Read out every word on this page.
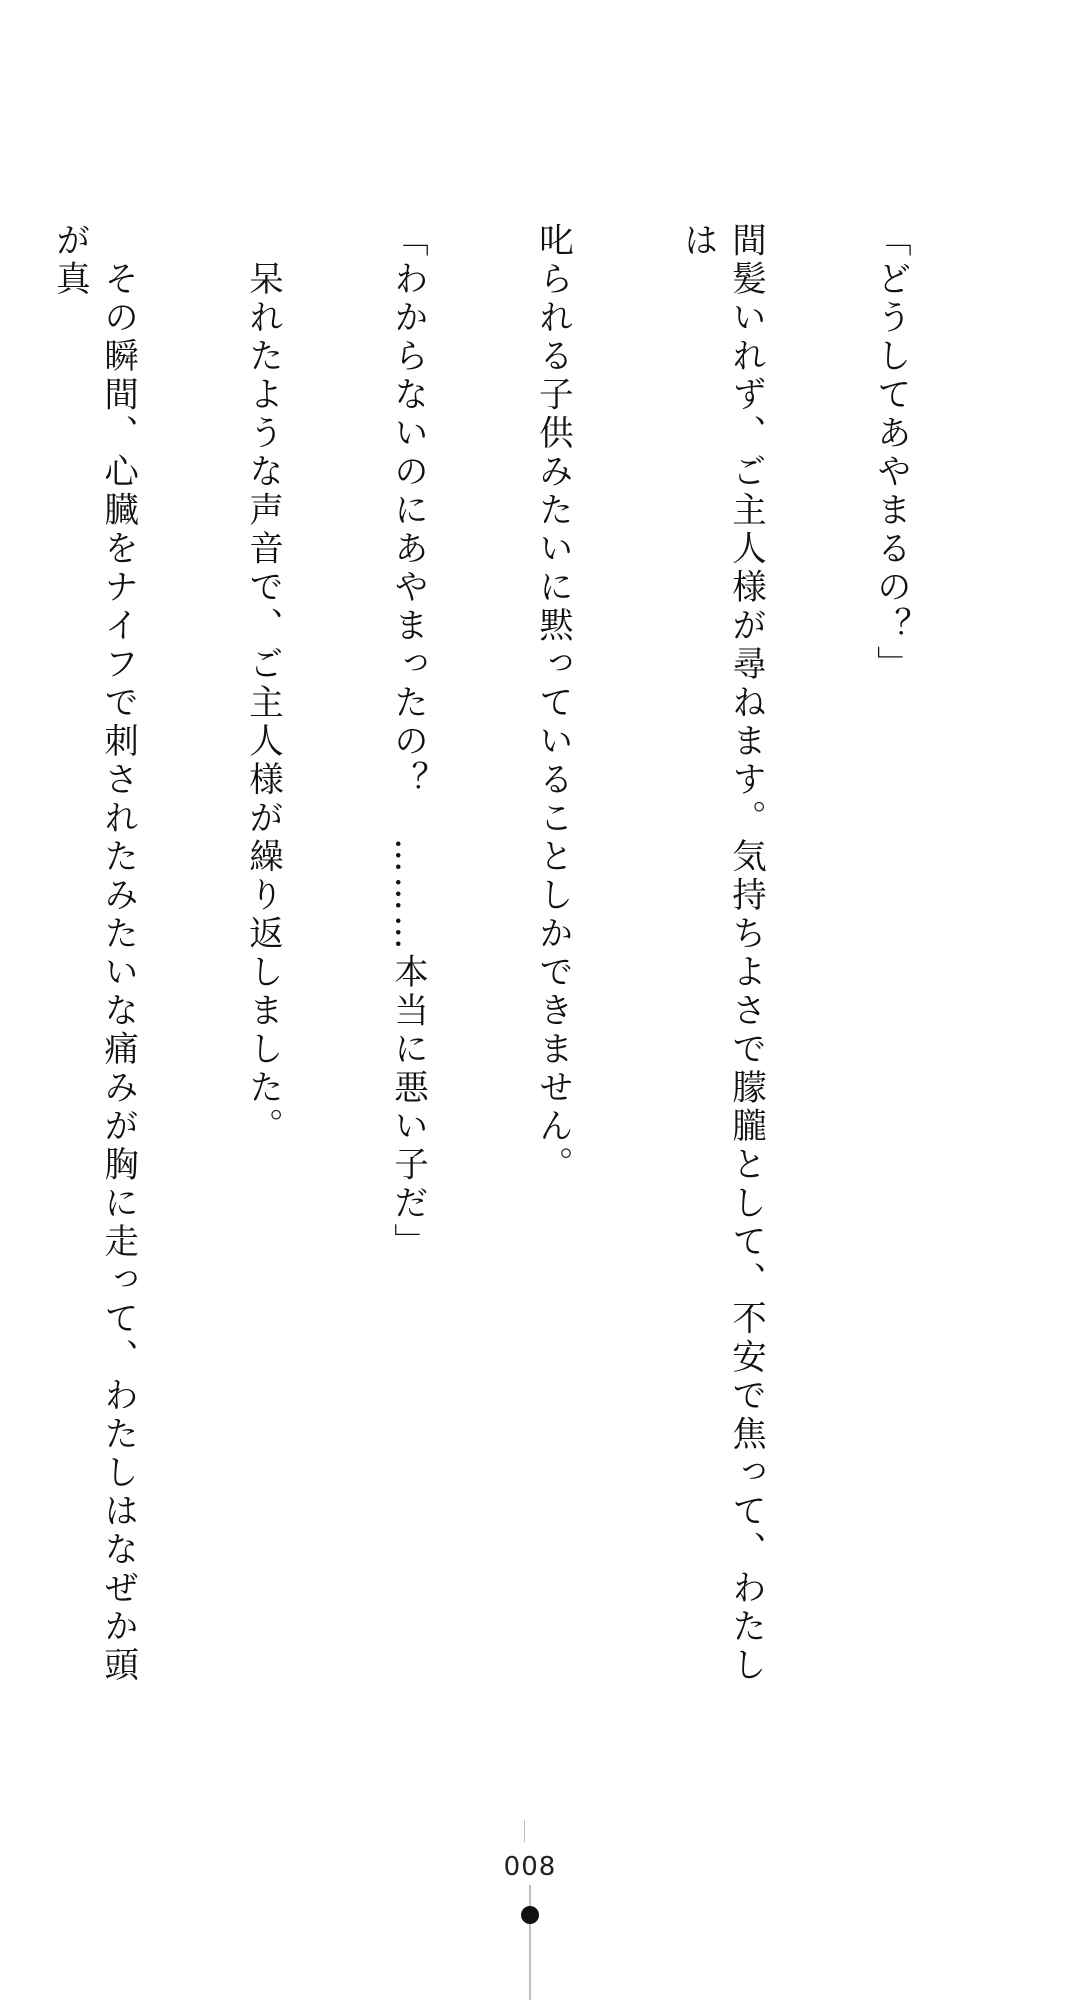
「どうしてあやまるの？」

間髪いれず、ご主人様が尋ねます。気持ちよさで朦朧として、不安で焦って、わたしは

叱られる子供みたいに黙っていることしかできません。

「わからないのにあやまったの？　………本当に悪い子だ」

　呆れたような声音で、ご主人様が繰り返しました。

　その瞬間、心臓をナイフで刺されたみたいな痛みが胸に走って、わたしはなぜか頭が真

008
